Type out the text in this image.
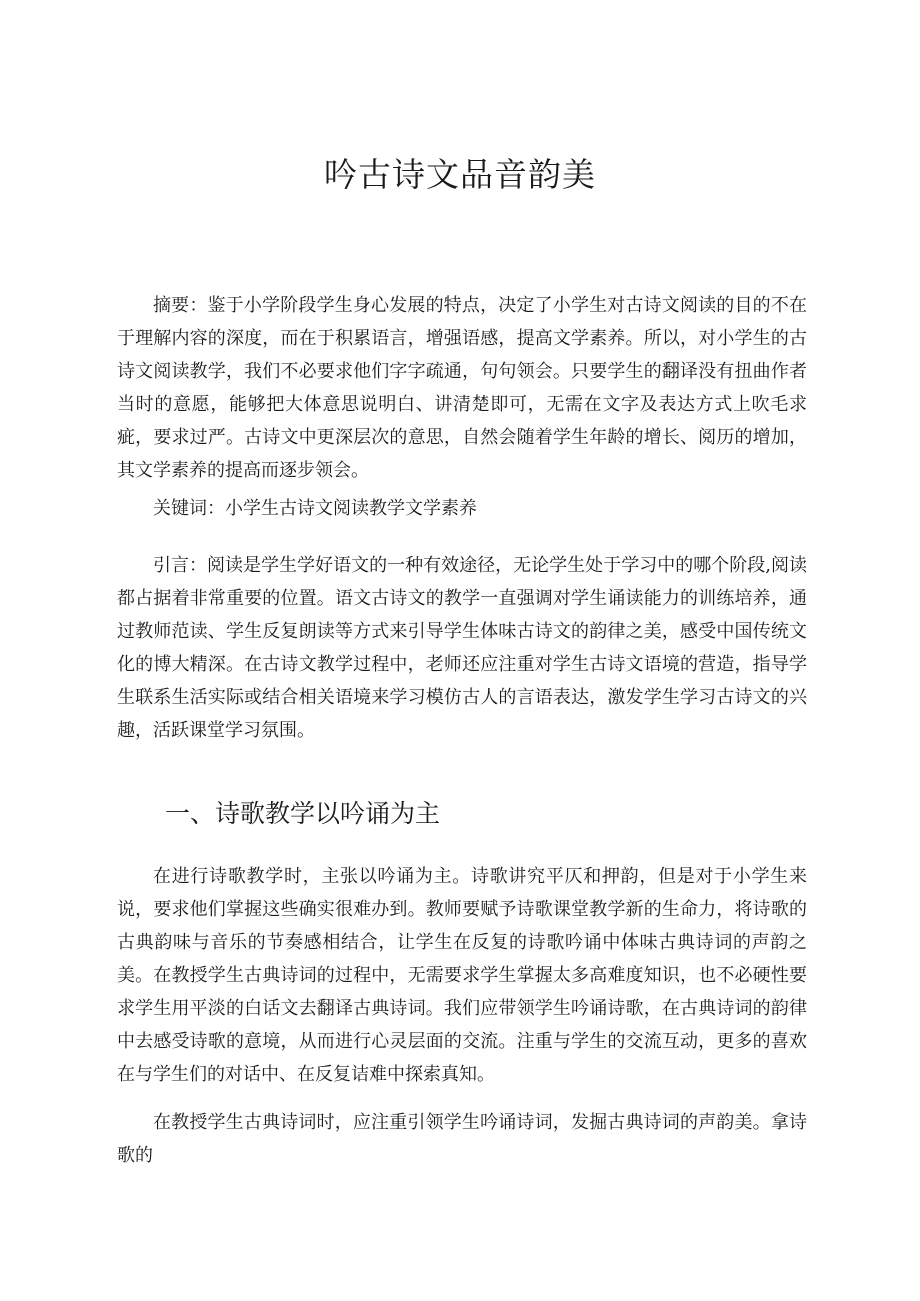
吟古诗文品音韵美

摘要：鉴于小学阶段学生身心发展的特点，决定了小学生对古诗文阅读的目的不在于理解内容的深度，而在于积累语言，增强语感，提高文学素养。所以，对小学生的古诗文阅读教学，我们不必要求他们字字疏通，句句领会。只要学生的翻译没有扭曲作者当时的意愿，能够把大体意思说明白、讲清楚即可，无需在文字及表达方式上吹毛求疵，要求过严。古诗文中更深层次的意思，自然会随着学生年龄的增长、阅历的增加，其文学素养的提高而逐步领会。

关键词：小学生古诗文阅读教学文学素养

引言：阅读是学生学好语文的一种有效途径，无论学生处于学习中的哪个阶段,阅读都占据着非常重要的位置。语文古诗文的教学一直强调对学生诵读能力的训练培养，通过教师范读、学生反复朗读等方式来引导学生体味古诗文的韵律之美，感受中国传统文化的博大精深。在古诗文教学过程中，老师还应注重对学生古诗文语境的营造，指导学生联系生活实际或结合相关语境来学习模仿古人的言语表达，激发学生学习古诗文的兴趣，活跃课堂学习氛围。

一、诗歌教学以吟诵为主

在进行诗歌教学时，主张以吟诵为主。诗歌讲究平仄和押韵，但是对于小学生来说，要求他们掌握这些确实很难办到。教师要赋予诗歌课堂教学新的生命力，将诗歌的古典韵味与音乐的节奏感相结合，让学生在反复的诗歌吟诵中体味古典诗词的声韵之美。在教授学生古典诗词的过程中，无需要求学生掌握太多高难度知识，也不必硬性要求学生用平淡的白话文去翻译古典诗词。我们应带领学生吟诵诗歌，在古典诗词的韵律中去感受诗歌的意境，从而进行心灵层面的交流。注重与学生的交流互动，更多的喜欢在与学生们的对话中、在反复诘难中探索真知。

在教授学生古典诗词时，应注重引领学生吟诵诗词，发掘古典诗词的声韵美。拿诗歌的
